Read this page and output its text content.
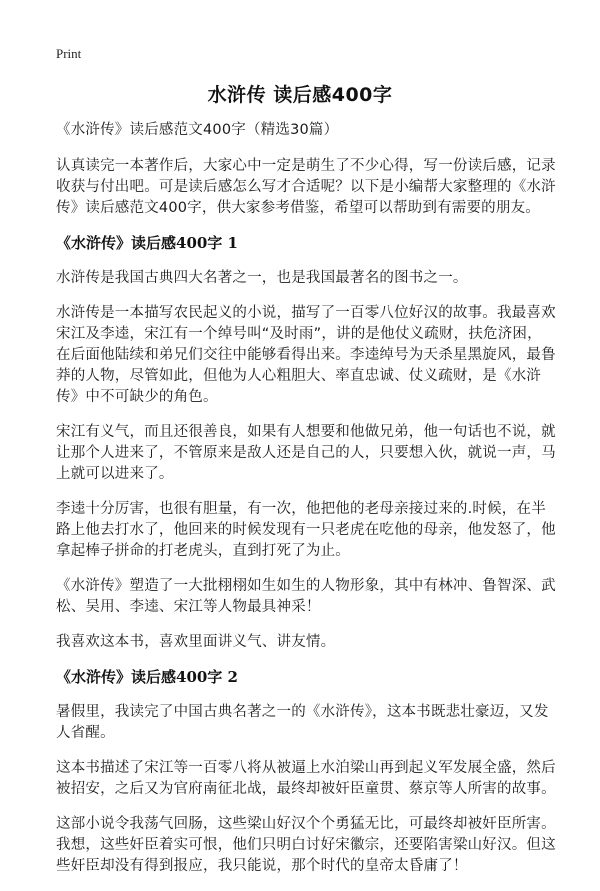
Print
水浒传 读后感400字
《水浒传》读后感范文400字（精选30篇）
认真读完一本著作后，大家心中一定是萌生了不少心得，写一份读后感，记录收获与付出吧。可是读后感怎么写才合适呢？以下是小编帮大家整理的《水浒传》读后感范文400字，供大家参考借鉴，希望可以帮助到有需要的朋友。
《水浒传》读后感400字 1
水浒传是我国古典四大名著之一，也是我国最著名的图书之一。
水浒传是一本描写农民起义的小说，描写了一百零八位好汉的故事。我最喜欢宋江及李逵，宋江有一个绰号叫“及时雨”，讲的是他仗义疏财，扶危济困，在后面他陆续和弟兄们交往中能够看得出来。李逵绰号为天杀星黑旋风，最鲁莽的人物，尽管如此，但他为人心粗胆大、率直忠诚、仗义疏财，是《水浒传》中不可缺少的角色。
宋江有义气，而且还很善良，如果有人想要和他做兄弟，他一句话也不说，就让那个人进来了，不管原来是敌人还是自己的人，只要想入伙，就说一声，马上就可以进来了。
李逵十分厉害，也很有胆量，有一次，他把他的老母亲接过来的.时候，在半路上他去打水了，他回来的时候发现有一只老虎在吃他的母亲，他发怒了，他拿起棒子拼命的打老虎头，直到打死了为止。
《水浒传》塑造了一大批栩栩如生如生的人物形象，其中有林冲、鲁智深、武松、吴用、李逵、宋江等人物最具神采！
我喜欢这本书，喜欢里面讲义气、讲友情。
《水浒传》读后感400字 2
暑假里，我读完了中国古典名著之一的《水浒传》，这本书既悲壮豪迈，又发人省醒。
这本书描述了宋江等一百零八将从被逼上水泊梁山再到起义军发展全盛，然后被招安，之后又为官府南征北战，最终却被奸臣童贯、蔡京等人所害的故事。
这部小说令我荡气回肠，这些梁山好汉个个勇猛无比，可最终却被奸臣所害。我想，这些奸臣着实可恨，他们只明白讨好宋徽宗，还要陷害梁山好汉。但这些奸臣却没有得到报应，我只能说，那个时代的皇帝太昏庸了！
